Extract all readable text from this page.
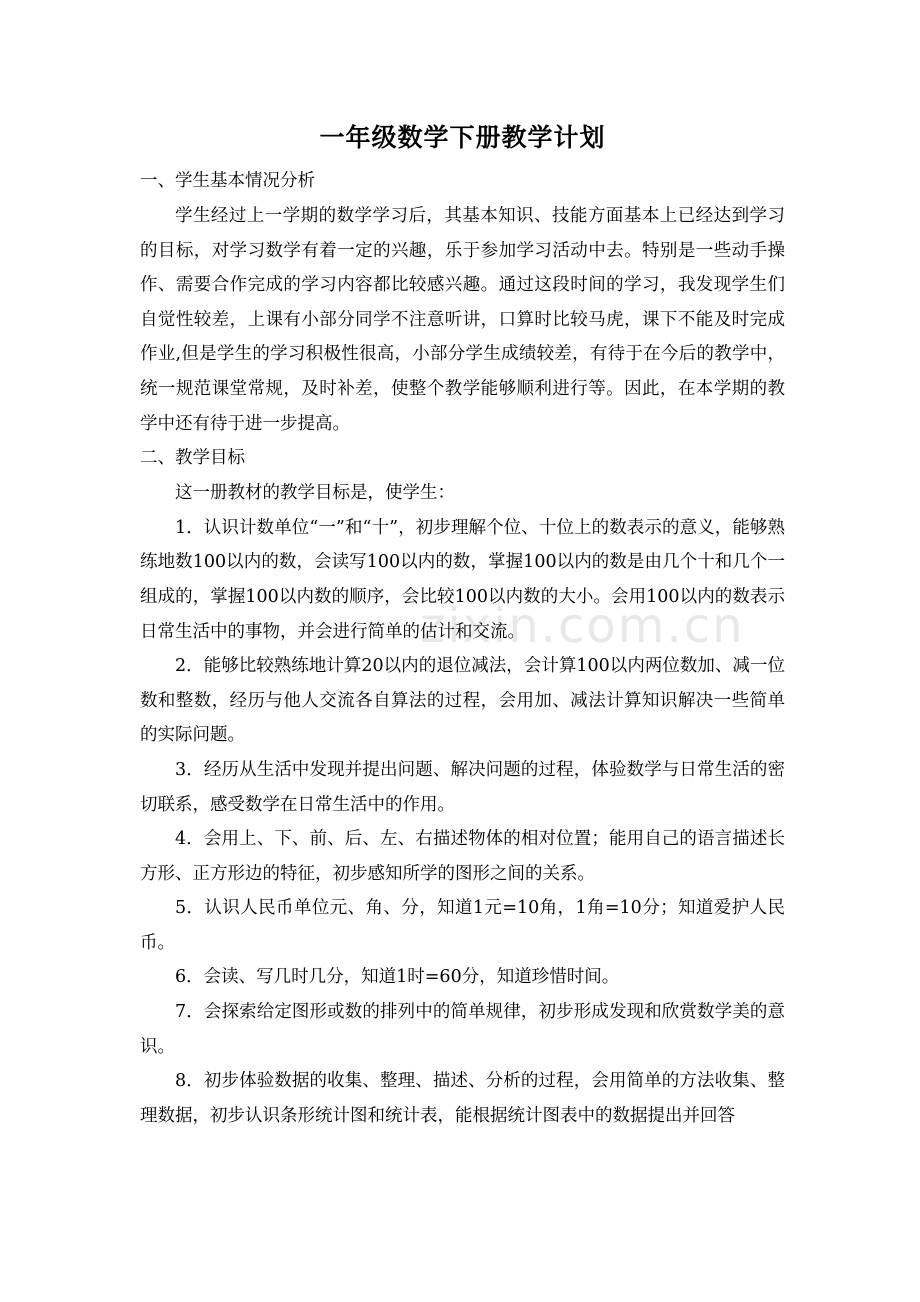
zixin.com.cn
一年级数学下册教学计划

一、学生基本情况分析

学生经过上一学期的数学学习后，其基本知识、技能方面基本上已经达到学习的目标，对学习数学有着一定的兴趣，乐于参加学习活动中去。特别是一些动手操作、需要合作完成的学习内容都比较感兴趣。通过这段时间的学习，我发现学生们自觉性较差，上课有小部分同学不注意听讲，口算时比较马虎，课下不能及时完成作业,但是学生的学习积极性很高，小部分学生成绩较差，有待于在今后的教学中，统一规范课堂常规，及时补差，使整个教学能够顺利进行等。因此，在本学期的教学中还有待于进一步提高。

二、教学目标

这一册教材的教学目标是，使学生：

1．认识计数单位“一”和“十”，初步理解个位、十位上的数表示的意义，能够熟练地数100以内的数，会读写100以内的数，掌握100以内的数是由几个十和几个一组成的，掌握100以内数的顺序，会比较100以内数的大小。会用100以内的数表示日常生活中的事物，并会进行简单的估计和交流。

2．能够比较熟练地计算20以内的退位减法，会计算100以内两位数加、减一位数和整数，经历与他人交流各自算法的过程，会用加、减法计算知识解决一些简单的实际问题。

3．经历从生活中发现并提出问题、解决问题的过程，体验数学与日常生活的密切联系，感受数学在日常生活中的作用。

4．会用上、下、前、后、左、右描述物体的相对位置；能用自己的语言描述长方形、正方形边的特征，初步感知所学的图形之间的关系。

5．认识人民币单位元、角、分，知道1元=10角，1角=10分；知道爱护人民币。

6．会读、写几时几分，知道1时=60分，知道珍惜时间。

7．会探索给定图形或数的排列中的简单规律，初步形成发现和欣赏数学美的意识。

8．初步体验数据的收集、整理、描述、分析的过程，会用简单的方法收集、整理数据，初步认识条形统计图和统计表，能根据统计图表中的数据提出并回答
